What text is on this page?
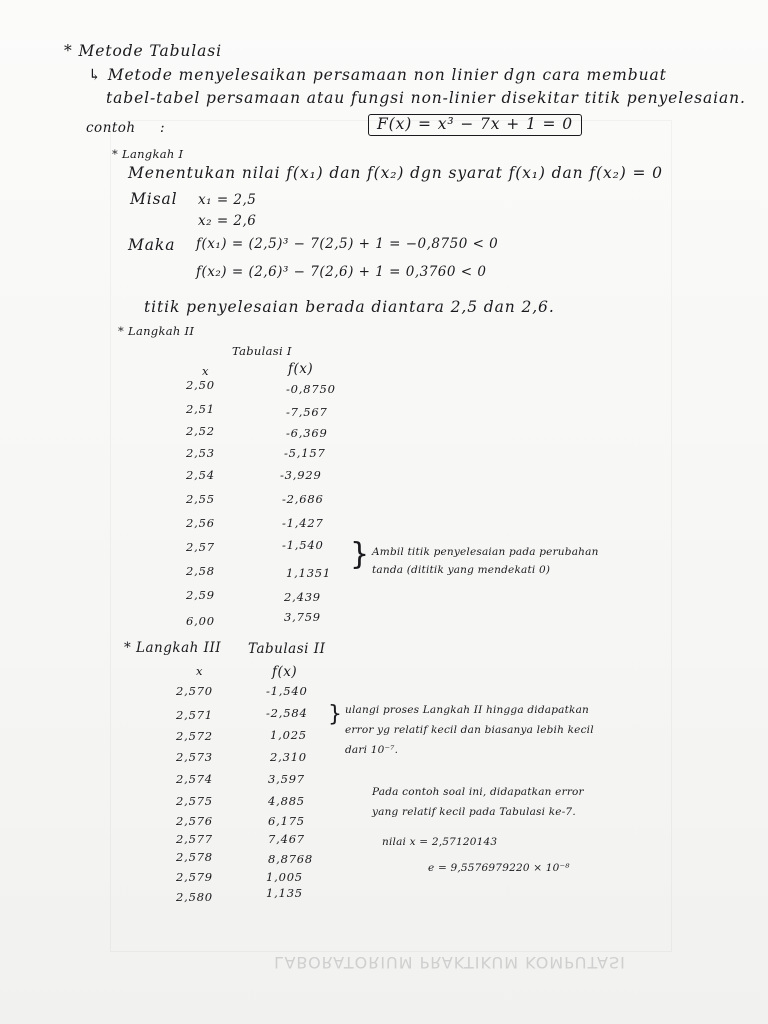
* Metode Tabulasi
↳ Metode menyelesaikan persamaan non linier dgn cara membuat
tabel-tabel persamaan atau fungsi non-linier disekitar titik penyelesaian.
contoh :	F(x) = x³ − 7x + 1 = 0
* Langkah I
Menentukan nilai f(x₁) dan f(x₂) dgn syarat f(x₁) dan f(x₂) = 0
Misal x₁ = 2,5
x₂ = 2,6
Maka f(x₁) = (2,5)³ − 7(2,5) + 1 = −0,8750 < 0
f(x₂) = (2,6)³ − 7(2,6) + 1 = 0,3760 < 0
titik penyelesaian berada diantara 2,5 dan 2,6.
* Langkah II
Tabulasi I
x	f(x)
2,50	-0,8750
2,51	-7,567
2,52	-6,369
2,53	-5,157
2,54	-3,929
2,55	-2,686
2,56	-1,427
2,57	-1,540
2,58	1,1351
2,59	2,439
6,00	3,759
} Ambil titik penyelesaian pada perubahan
tanda (dititik yang mendekati 0)
* Langkah III Tabulasi II
x	f(x)
2,570	-1,540
2,571	-2,584
2,572	1,025
2,573	2,310
2,574	3,597
2,575	4,885
2,576	6,175
2,577	7,467
2,578	8,8768
2,579	1,005
2,580	1,135
} ulangi proses Langkah II hingga didapatkan
error yg relatif kecil dan biasanya lebih kecil
dari 10⁻⁷.
Pada contoh soal ini, didapatkan error
yang relatif kecil pada Tabulasi ke-7.
nilai x = 2,57120143
e = 9,5576979220 × 10⁻⁸
LABORATORIUM PRAKTIKUM KOMPUTASI
